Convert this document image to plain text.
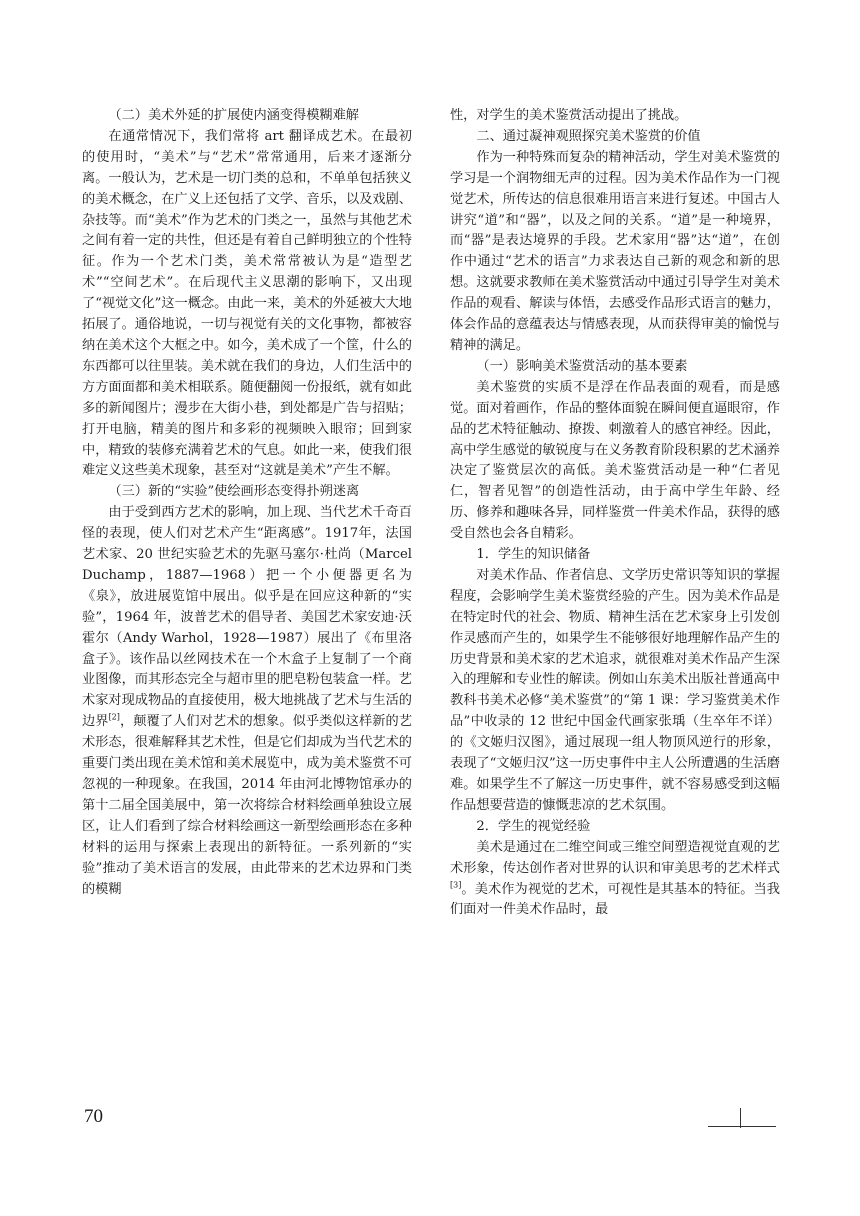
（二）美术外延的扩展使内涵变得模糊难解

在通常情况下，我们常将 art 翻译成艺术。在最初的使用时，“美术”与“艺术”常常通用，后来才逐渐分离。一般认为，艺术是一切门类的总和，不单单包括狭义的美术概念，在广义上还包括了文学、音乐，以及戏剧、杂技等。而“美术”作为艺术的门类之一，虽然与其他艺术之间有着一定的共性，但还是有着自己鲜明独立的个性特征。作为一个艺术门类，美术常常被认为是“造型艺术”“空间艺术”。在后现代主义思潮的影响下，又出现了“视觉文化”这一概念。由此一来，美术的外延被大大地拓展了。通俗地说，一切与视觉有关的文化事物，都被容纳在美术这个大框之中。如今，美术成了一个筐，什么的东西都可以往里装。美术就在我们的身边，人们生活中的方方面面都和美术相联系。随便翻阅一份报纸，就有如此多的新闻图片；漫步在大街小巷，到处都是广告与招贴；打开电脑，精美的图片和多彩的视频映入眼帘；回到家中，精致的装修充满着艺术的气息。如此一来，使我们很难定义这些美术现象，甚至对“这就是美术”产生不解。

（三）新的“实验”使绘画形态变得扑朔迷离

由于受到西方艺术的影响，加上现、当代艺术千奇百怪的表现，使人们对艺术产生“距离感”。1917年，法国艺术家、20 世纪实验艺术的先驱马塞尔·杜尚（Marcel Duchamp，1887—1968）把一个小便器更名为《泉》，放进展览馆中展出。似乎是在回应这种新的“实验”，1964 年，波普艺术的倡导者、美国艺术家安迪·沃霍尔（Andy Warhol，1928—1987）展出了《布里洛盒子》。该作品以丝网技术在一个木盒子上复制了一个商业图像，而其形态完全与超市里的肥皂粉包装盒一样。艺术家对现成物品的直接使用，极大地挑战了艺术与生活的边界[2]，颠覆了人们对艺术的想象。似乎类似这样新的艺术形态，很难解释其艺术性，但是它们却成为当代艺术的重要门类出现在美术馆和美术展览中，成为美术鉴赏不可忽视的一种现象。在我国，2014 年由河北博物馆承办的第十二届全国美展中，第一次将综合材料绘画单独设立展区，让人们看到了综合材料绘画这一新型绘画形态在多种材料的运用与探索上表现出的新特征。一系列新的“实验”推动了美术语言的发展，由此带来的艺术边界和门类的模糊

性，对学生的美术鉴赏活动提出了挑战。

二、通过凝神观照探究美术鉴赏的价值

作为一种特殊而复杂的精神活动，学生对美术鉴赏的学习是一个润物细无声的过程。因为美术作品作为一门视觉艺术，所传达的信息很难用语言来进行复述。中国古人讲究“道”和“器”，以及之间的关系。“道”是一种境界，而“器”是表达境界的手段。艺术家用“器”达“道”，在创作中通过“艺术的语言”力求表达自己新的观念和新的思想。这就要求教师在美术鉴赏活动中通过引导学生对美术作品的观看、解读与体悟，去感受作品形式语言的魅力，体会作品的意蕴表达与情感表现，从而获得审美的愉悦与精神的满足。

（一）影响美术鉴赏活动的基本要素

美术鉴赏的实质不是浮在作品表面的观看，而是感觉。面对着画作，作品的整体面貌在瞬间便直逼眼帘，作品的艺术特征触动、撩拨、刺激着人的感官神经。因此，高中学生感觉的敏锐度与在义务教育阶段积累的艺术涵养决定了鉴赏层次的高低。美术鉴赏活动是一种“仁者见仁，智者见智”的创造性活动，由于高中学生年龄、经历、修养和趣味各异，同样鉴赏一件美术作品，获得的感受自然也会各自精彩。

1．学生的知识储备

对美术作品、作者信息、文学历史常识等知识的掌握程度，会影响学生美术鉴赏经验的产生。因为美术作品是在特定时代的社会、物质、精神生活在艺术家身上引发创作灵感而产生的，如果学生不能够很好地理解作品产生的历史背景和美术家的艺术追求，就很难对美术作品产生深入的理解和专业性的解读。例如山东美术出版社普通高中教科书美术必修“美术鉴赏”的“第 1 课：学习鉴赏美术作品”中收录的 12 世纪中国金代画家张瑀（生卒年不详）的《文姬归汉图》，通过展现一组人物顶风逆行的形象，表现了“文姬归汉”这一历史事件中主人公所遭遇的生活磨难。如果学生不了解这一历史事件，就不容易感受到这幅作品想要营造的慷慨悲凉的艺术氛围。

2．学生的视觉经验

美术是通过在二维空间或三维空间塑造视觉直观的艺术形象，传达创作者对世界的认识和审美思考的艺术样式[3]。美术作为视觉的艺术，可视性是其基本的特征。当我们面对一件美术作品时，最

70
